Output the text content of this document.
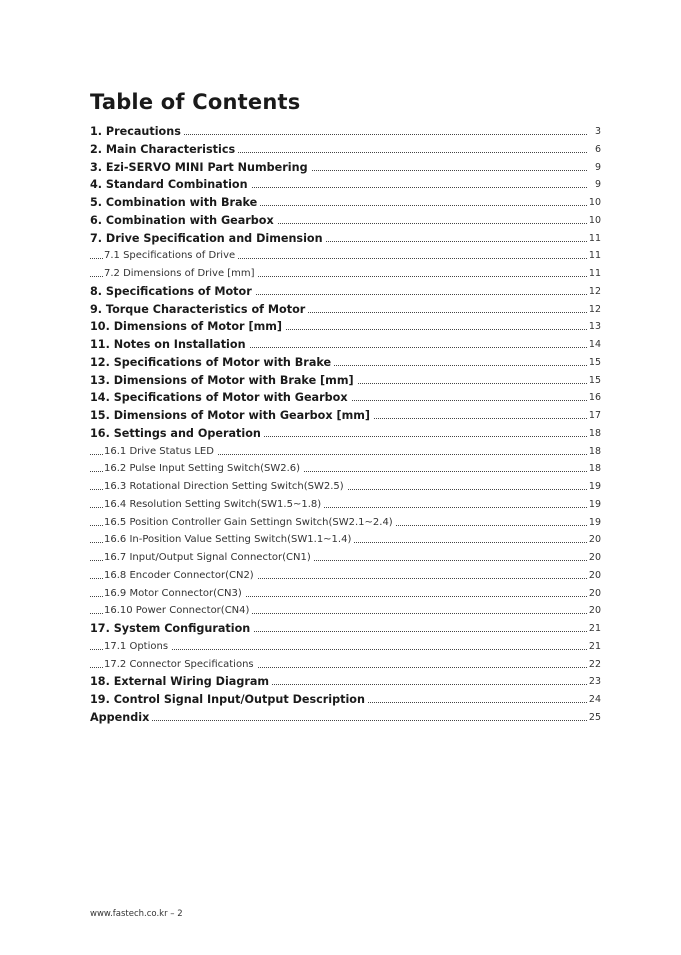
Table of Contents
1. Precautions	3
2. Main Characteristics	6
3. Ezi-SERVO MINI Part Numbering	9
4. Standard Combination	9
5. Combination with Brake	10
6. Combination with Gearbox	10
7. Drive Specification and Dimension	11
7.1 Specifications of Drive	11
7.2 Dimensions of Drive [mm]	11
8. Specifications of Motor	12
9. Torque Characteristics of Motor	12
10. Dimensions of Motor [mm]	13
11. Notes on Installation	14
12. Specifications of Motor with Brake	15
13. Dimensions of Motor with Brake [mm]	15
14. Specifications of Motor with Gearbox	16
15. Dimensions of Motor with Gearbox [mm]	17
16. Settings and Operation	18
16.1 Drive Status LED	18
16.2 Pulse Input Setting Switch(SW2.6)	18
16.3 Rotational Direction Setting Switch(SW2.5)	19
16.4 Resolution Setting Switch(SW1.5~1.8)	19
16.5 Position Controller Gain Settingn Switch(SW2.1~2.4)	19
16.6 In-Position Value Setting Switch(SW1.1~1.4)	20
16.7 Input/Output Signal Connector(CN1)	20
16.8 Encoder Connector(CN2)	20
16.9 Motor Connector(CN3)	20
16.10 Power Connector(CN4)	20
17. System Configuration	21
17.1 Options	21
17.2 Connector Specifications	22
18. External Wiring Diagram	23
19. Control Signal Input/Output Description	24
Appendix	25
www.fastech.co.kr – 2
